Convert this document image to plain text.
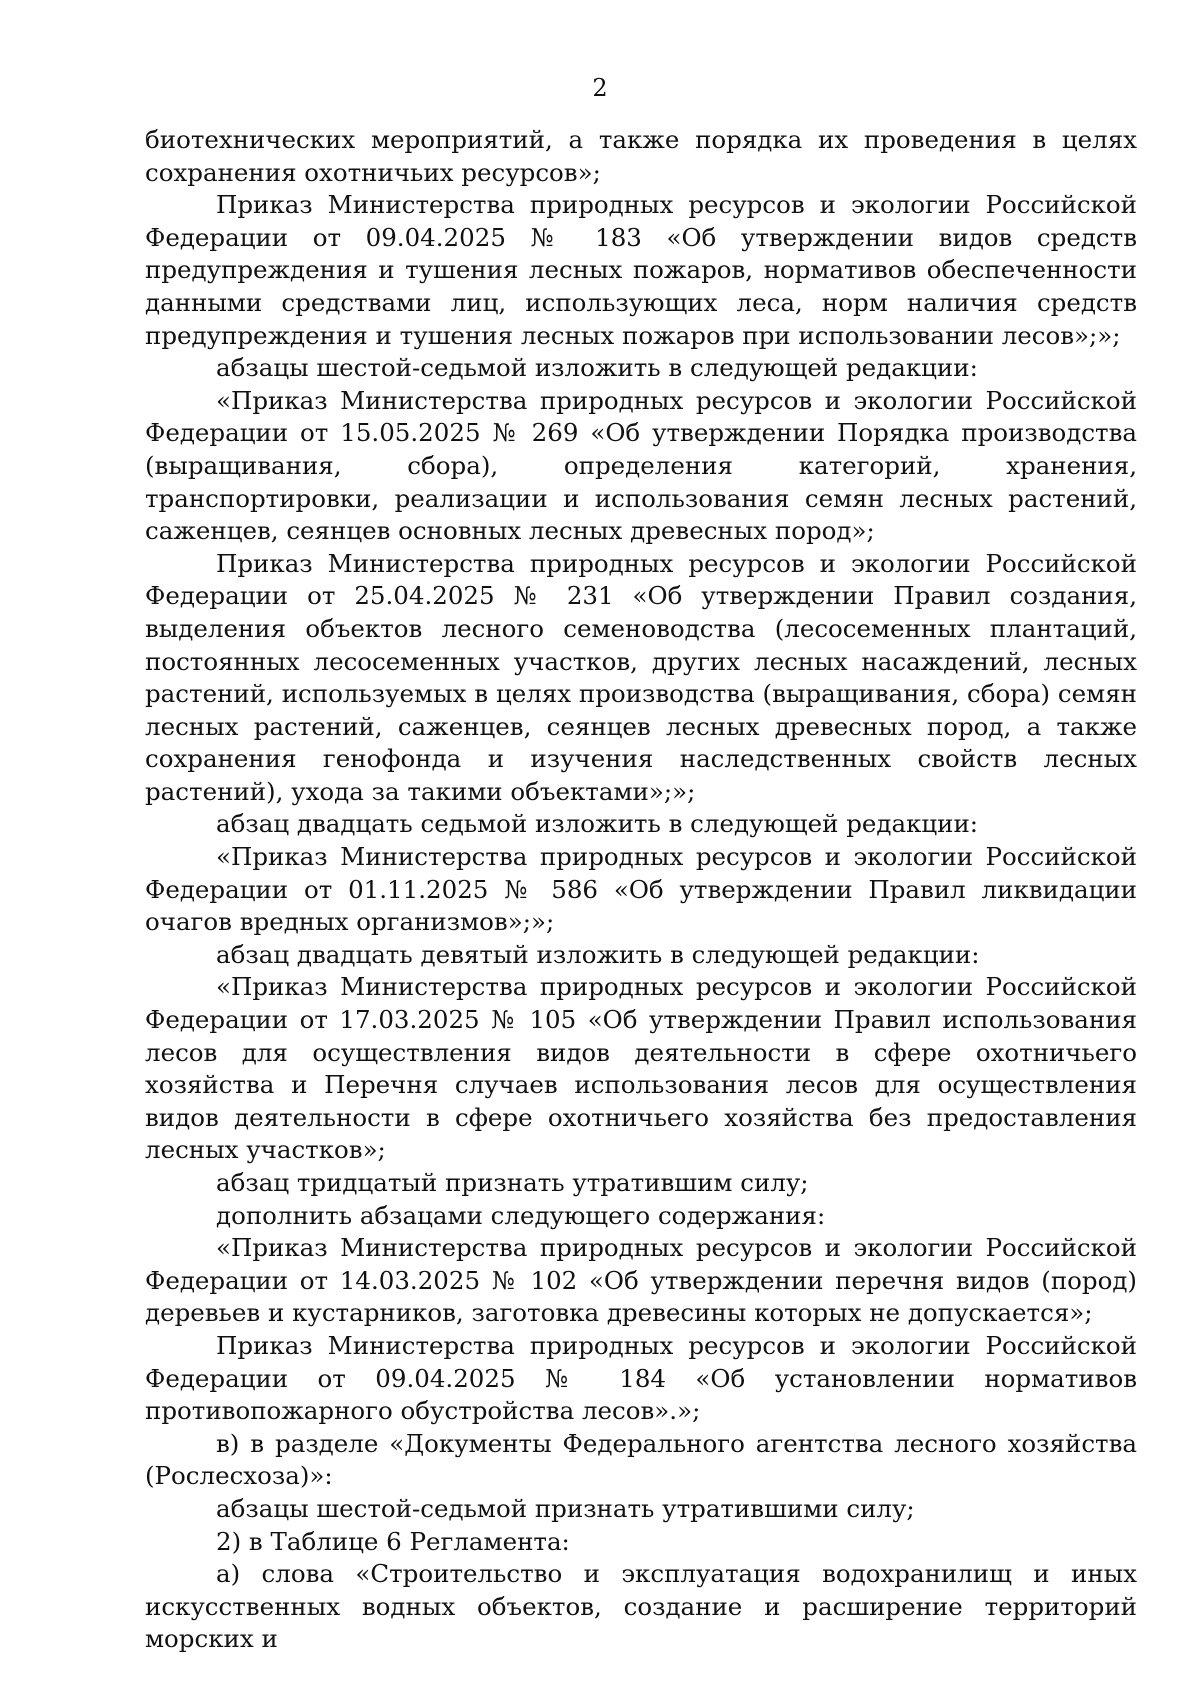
2

биотехнических мероприятий, а также порядка их проведения в целях сохранения охотничьих ресурсов»;

Приказ Министерства природных ресурсов и экологии Российской Федерации от 09.04.2025 № 183 «Об утверждении видов средств предупреждения и тушения лесных пожаров, нормативов обеспеченности данными средствами лиц, использующих леса, норм наличия средств предупреждения и тушения лесных пожаров при использовании лесов»;»;

абзацы шестой-седьмой изложить в следующей редакции:

«Приказ Министерства природных ресурсов и экологии Российской Федерации от 15.05.2025 № 269 «Об утверждении Порядка производства (выращивания, сбора), определения категорий, хранения, транспортировки, реализации и использования семян лесных растений, саженцев, сеянцев основных лесных древесных пород»;

Приказ Министерства природных ресурсов и экологии Российской Федерации от 25.04.2025 № 231 «Об утверждении Правил создания, выделения объектов лесного семеноводства (лесосеменных плантаций, постоянных лесосеменных участков, других лесных насаждений, лесных растений, используемых в целях производства (выращивания, сбора) семян лесных растений, саженцев, сеянцев лесных древесных пород, а также сохранения генофонда и изучения наследственных свойств лесных растений), ухода за такими объектами»;»;

абзац двадцать седьмой изложить в следующей редакции:

«Приказ Министерства природных ресурсов и экологии Российской Федерации от 01.11.2025 № 586 «Об утверждении Правил ликвидации очагов вредных организмов»;»;

абзац двадцать девятый изложить в следующей редакции:

«Приказ Министерства природных ресурсов и экологии Российской Федерации от 17.03.2025 № 105 «Об утверждении Правил использования лесов для осуществления видов деятельности в сфере охотничьего хозяйства и Перечня случаев использования лесов для осуществления видов деятельности в сфере охотничьего хозяйства без предоставления лесных участков»;

абзац тридцатый признать утратившим силу;

дополнить абзацами следующего содержания:

«Приказ Министерства природных ресурсов и экологии Российской Федерации от 14.03.2025 № 102 «Об утверждении перечня видов (пород) деревьев и кустарников, заготовка древесины которых не допускается»;

Приказ Министерства природных ресурсов и экологии Российской Федерации от 09.04.2025 № 184 «Об установлении нормативов противопожарного обустройства лесов».»;

в) в разделе «Документы Федерального агентства лесного хозяйства (Рослесхоза)»:

абзацы шестой-седьмой признать утратившими силу;

2) в Таблице 6 Регламента:

а) слова «Строительство и эксплуатация водохранилищ и иных искусственных водных объектов, создание и расширение территорий морских и
